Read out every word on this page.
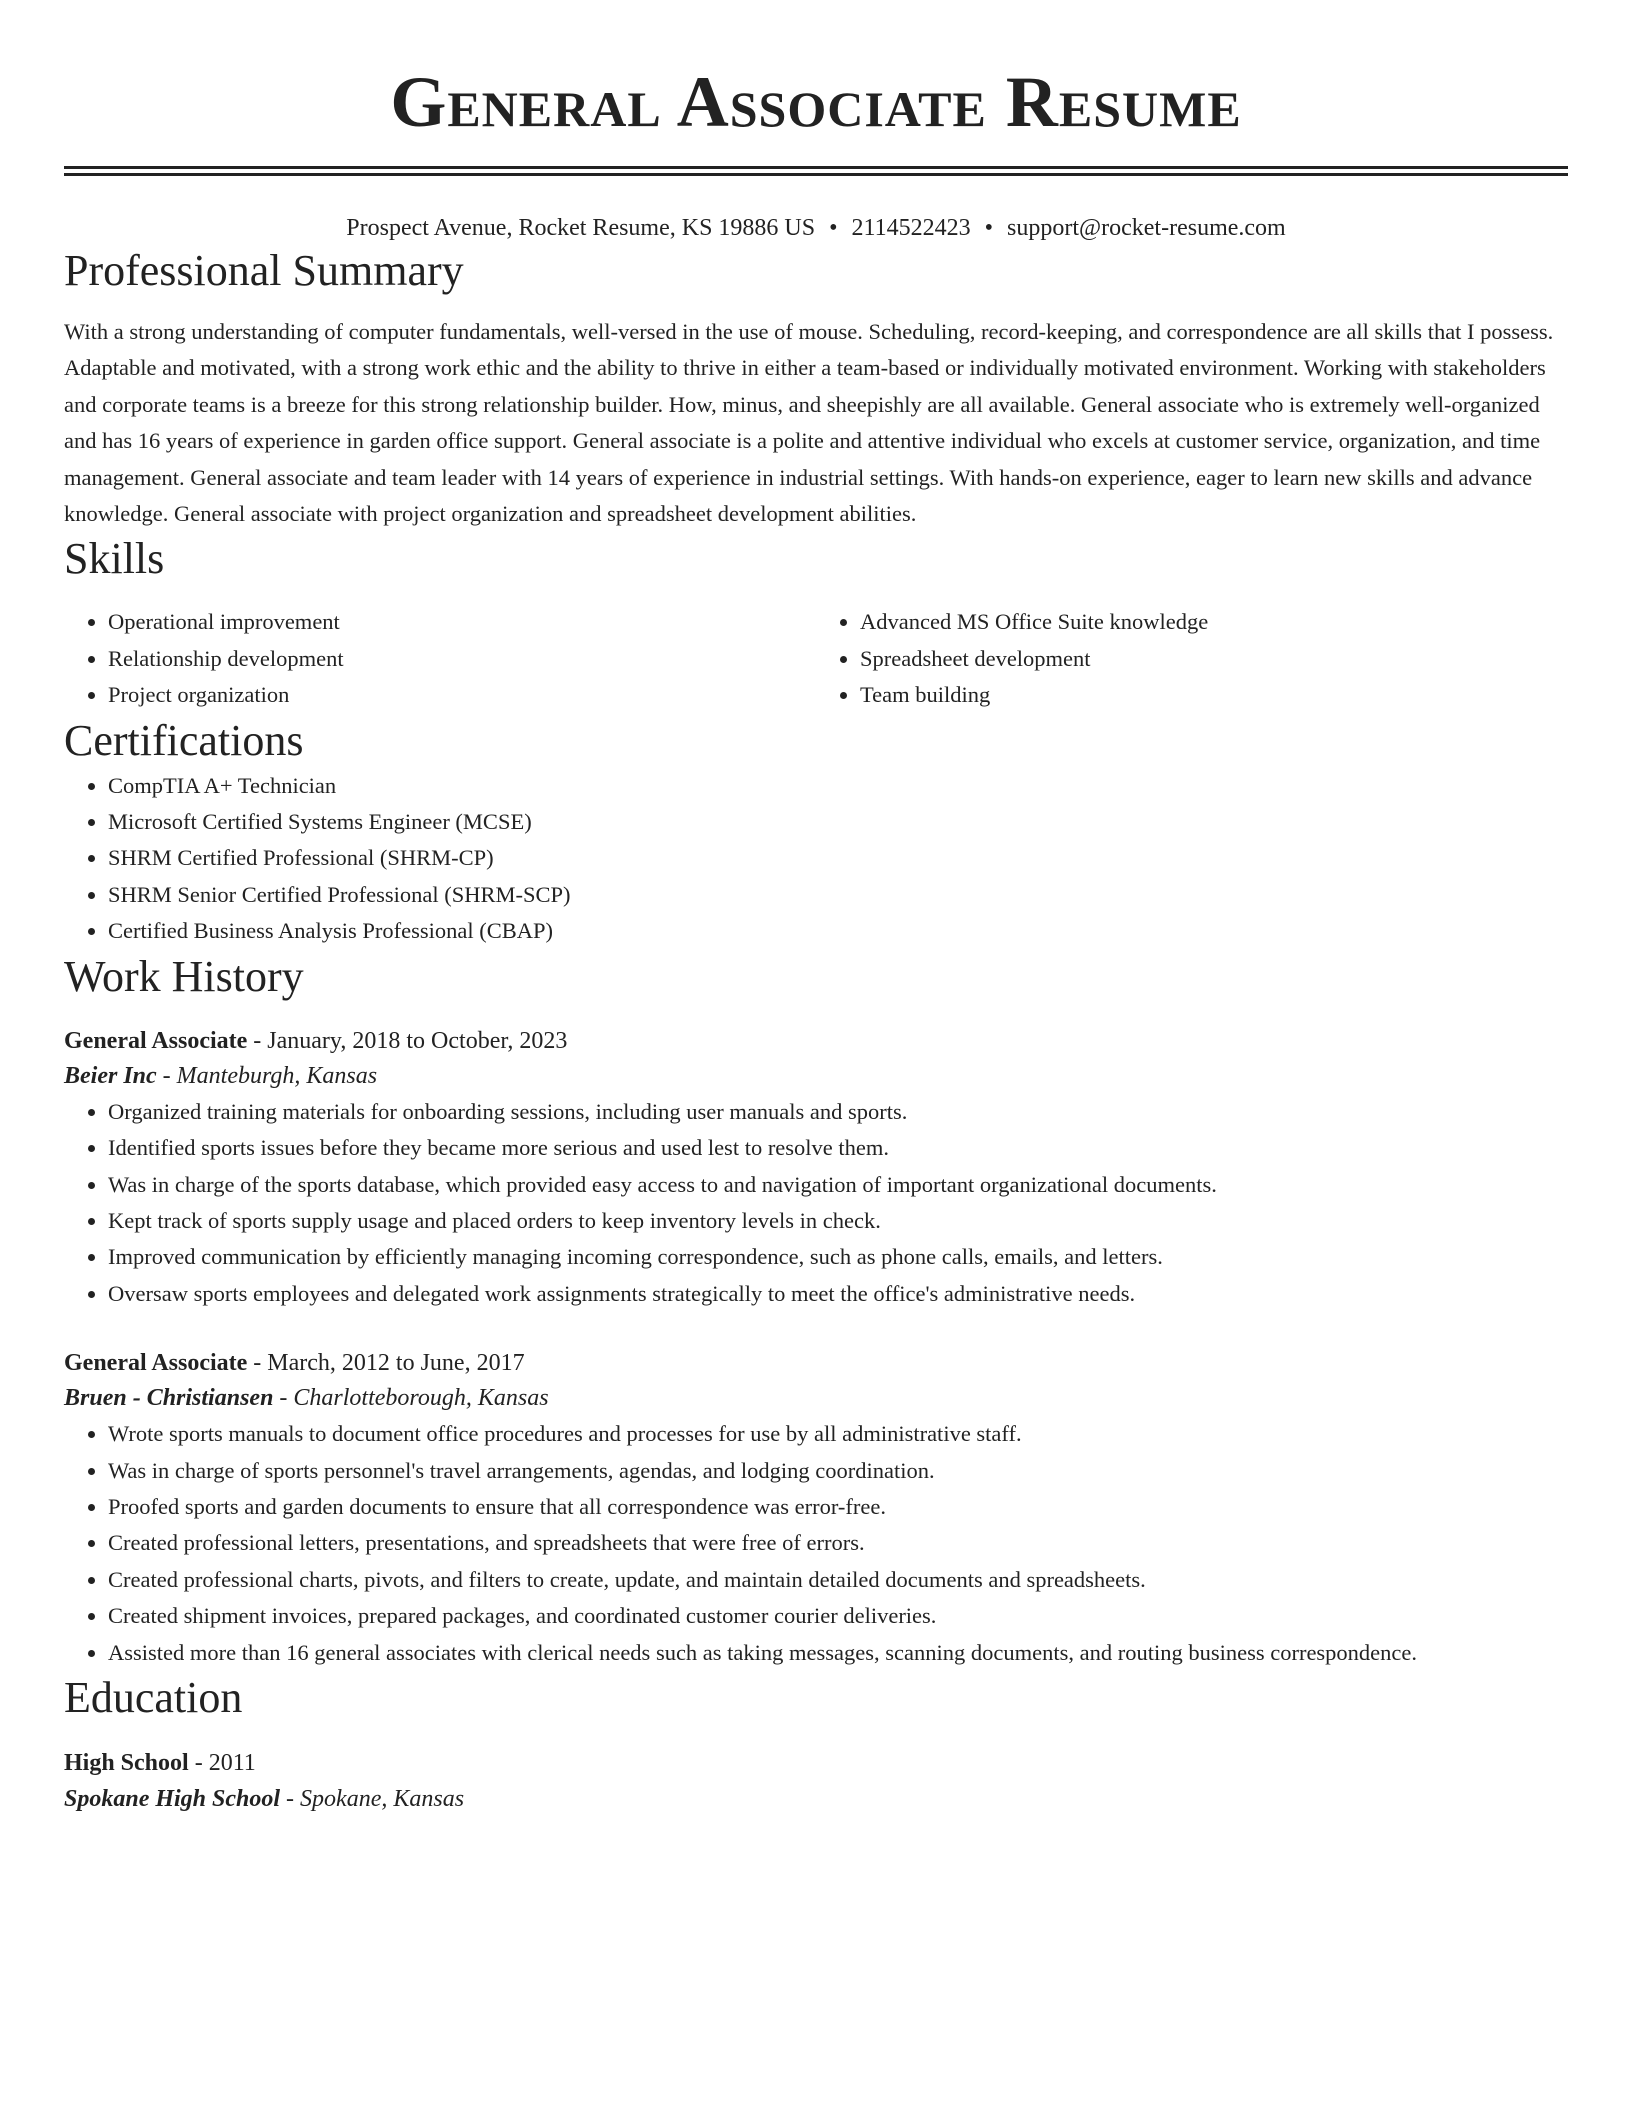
General Associate Resume
Prospect Avenue, Rocket Resume, KS 19886 US • 2114522423 • support@rocket-resume.com
Professional Summary

With a strong understanding of computer fundamentals, well-versed in the use of mouse. Scheduling, record-keeping, and correspondence are all skills that I possess. Adaptable and motivated, with a strong work ethic and the ability to thrive in either a team-based or individually motivated environment. Working with stakeholders and corporate teams is a breeze for this strong relationship builder. How, minus, and sheepishly are all available. General associate who is extremely well-organized and has 16 years of experience in garden office support. General associate is a polite and attentive individual who excels at customer service, organization, and time management. General associate and team leader with 14 years of experience in industrial settings. With hands-on experience, eager to learn new skills and advance knowledge. General associate with project organization and spreadsheet development abilities.

Skills
• Operational improvement
• Relationship development
• Project organization
• Advanced MS Office Suite knowledge
• Spreadsheet development
• Team building
Certifications
• CompTIA A+ Technician
• Microsoft Certified Systems Engineer (MCSE)
• SHRM Certified Professional (SHRM-CP)
• SHRM Senior Certified Professional (SHRM-SCP)
• Certified Business Analysis Professional (CBAP)
Work History
General Associate - January, 2018 to October, 2023
Beier Inc - Manteburgh, Kansas
• Organized training materials for onboarding sessions, including user manuals and sports.
• Identified sports issues before they became more serious and used lest to resolve them.
• Was in charge of the sports database, which provided easy access to and navigation of important organizational documents.
• Kept track of sports supply usage and placed orders to keep inventory levels in check.
• Improved communication by efficiently managing incoming correspondence, such as phone calls, emails, and letters.
• Oversaw sports employees and delegated work assignments strategically to meet the office's administrative needs.
General Associate - March, 2012 to June, 2017
Bruen - Christiansen - Charlotteborough, Kansas
• Wrote sports manuals to document office procedures and processes for use by all administrative staff.
• Was in charge of sports personnel's travel arrangements, agendas, and lodging coordination.
• Proofed sports and garden documents to ensure that all correspondence was error-free.
• Created professional letters, presentations, and spreadsheets that were free of errors.
• Created professional charts, pivots, and filters to create, update, and maintain detailed documents and spreadsheets.
• Created shipment invoices, prepared packages, and coordinated customer courier deliveries.
• Assisted more than 16 general associates with clerical needs such as taking messages, scanning documents, and routing business correspondence.
Education
High School - 2011
Spokane High School - Spokane, Kansas
